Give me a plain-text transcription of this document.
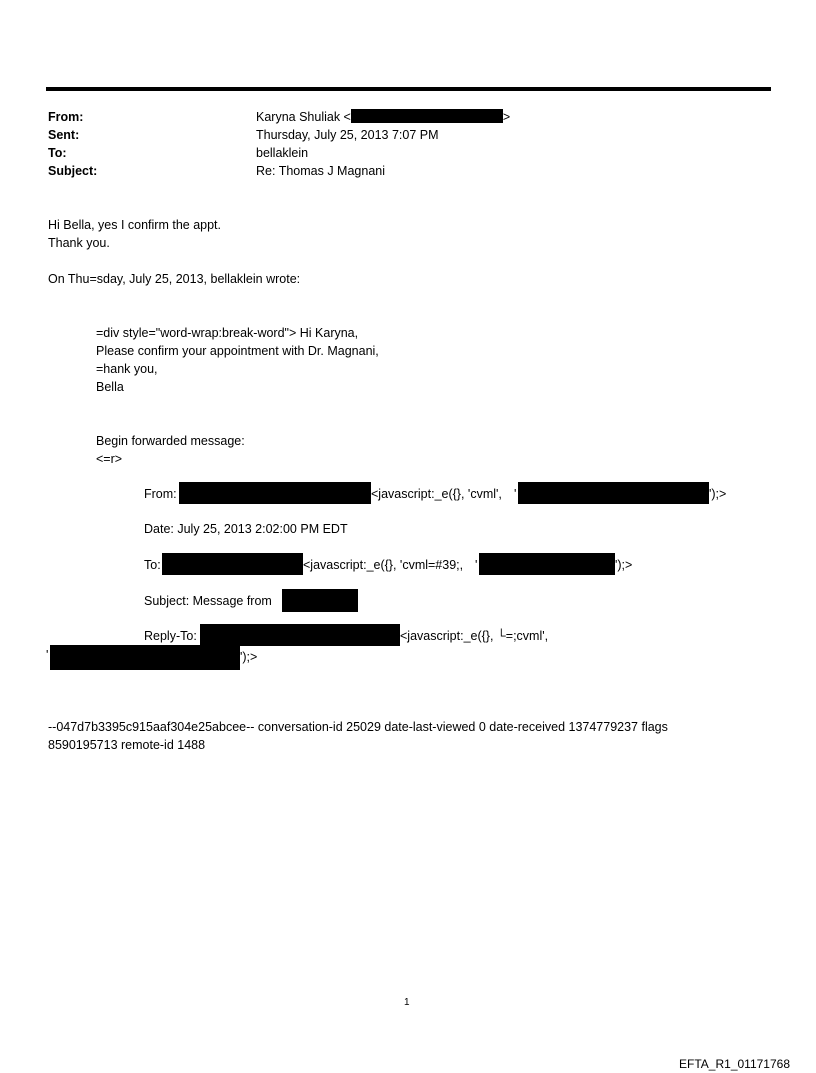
From:	Karyna Shuliak <	>
Sent:	Thursday, July 25, 2013 7:07 PM
To:	bellaklein
Subject:	Re: Thomas J Magnani
Hi Bella, yes I confirm the appt.
Thank you.
On Thu=sday, July 25, 2013, bellaklein wrote:
=div style="word-wrap:break-word"> Hi Karyna,
Please confirm your appointment with Dr. Magnani,
=hank you,
Bella
Begin forwarded message:
<=r>
From:	<javascript:_e({}, 'cvml', '	');>
Date: July 25, 2013 2:02:00 PM EDT
To:	<javascript:_e({}, 'cvml=#39;, '	');>
Subject: Message from
Reply-To:	<javascript:_e({}, └=;cvml',
'	');>
--047d7b3395c915aaf304e25abcee-- conversation-id 25029 date-last-viewed 0 date-received 1374779237 flags
8590195713 remote-id 1488
1
EFTA_R1_01171768
